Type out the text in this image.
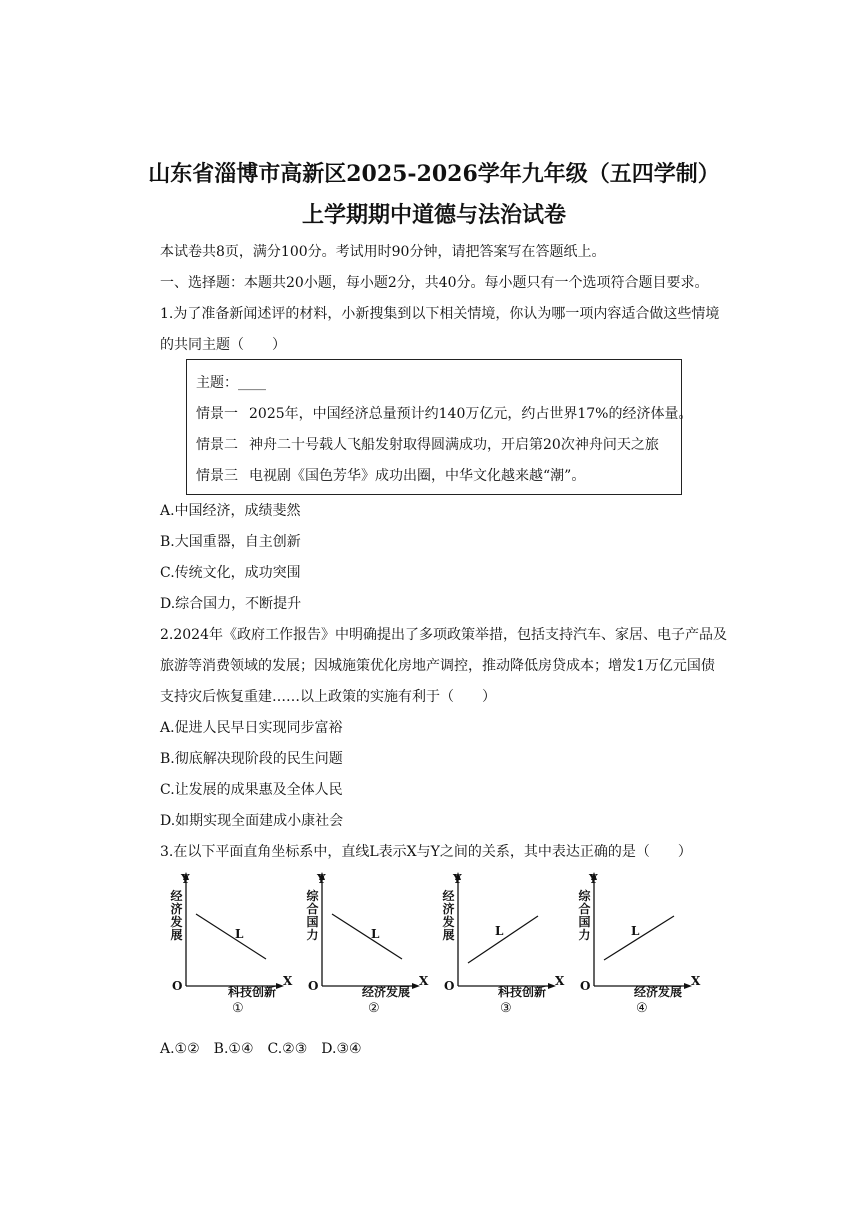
山东省淄博市高新区2025-2026学年九年级（五四学制）
上学期期中道德与法治试卷
本试卷共8页，满分100分。考试用时90分钟，请把答案写在答题纸上。
一、选择题：本题共20小题，每小题2分，共40分。每小题只有一个选项符合题目要求。
1.为了准备新闻述评的材料，小新搜集到以下相关情境，你认为哪一项内容适合做这些情境
的共同主题（　　）
主题：____
情景一 2025年，中国经济总量预计约140万亿元，约占世界17%的经济体量。
情景二 神舟二十号载人飞船发射取得圆满成功，开启第20次神舟问天之旅
情景三 电视剧《国色芳华》成功出圈，中华文化越来越“潮”。
A.中国经济，成绩斐然
B.大国重器，自主创新
C.传统文化，成功突围
D.综合国力，不断提升
2.2024年《政府工作报告》中明确提出了多项政策举措，包括支持汽车、家居、电子产品及
旅游等消费领域的发展；因城施策优化房地产调控，推动降低房贷成本；增发1万亿元国债
支持灾后恢复重建……以上政策的实施有利于（　　）
A.促进人民早日实现同步富裕
B.彻底解决现阶段的民生问题
C.让发展的成果惠及全体人民
D.如期实现全面建成小康社会
3.在以下平面直角坐标系中，直线L表示X与Y之间的关系，其中表达正确的是（　　）
Y
经济发展	L
O	X
科技创新
①
Y
综合国力	L
O	X
经济发展
②
Y
经济发展	L
O	X
科技创新
③
Y
综合国力	L
O	X
经济发展
④
A.①②　B.①④　C.②③　D.③④
